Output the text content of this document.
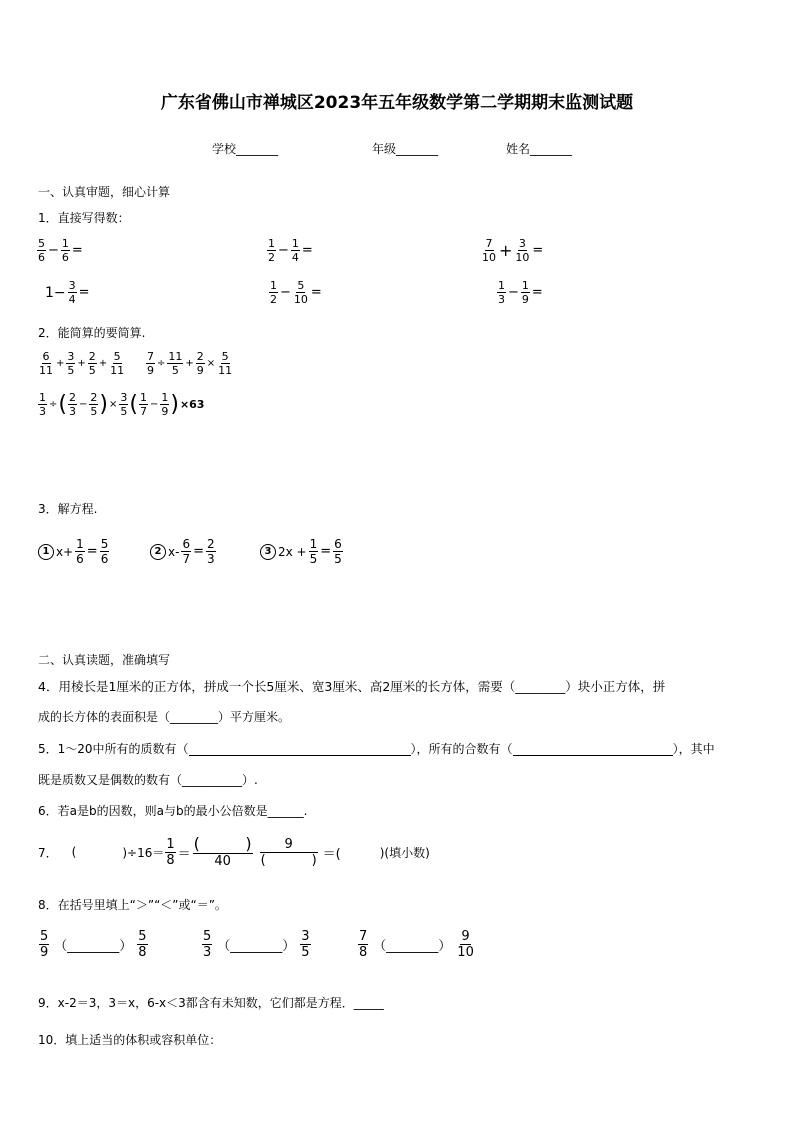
广东省佛山市禅城区2023年五年级数学第二学期期末监测试题
学校_______	年级_______	姓名_______
一、认真审题，细心计算
1．直接写得数：
$\frac{5}{6} - \frac{1}{6}$ =	$\frac{1}{2} - \frac{1}{4}$ =	$\frac{7}{10} + \frac{3}{10}$ =
$1- \frac{3}{4}$ =	$\frac{1}{2} - \frac{5}{10}$ =	$\frac{1}{3} - \frac{1}{9}$ =
2．能简算的要简算.
$\frac{6}{11} + \frac{3}{5} + \frac{2}{5} + \frac{5}{11} \frac{7}{9} \div \frac{11}{5} + \frac{2}{9} \times \frac{5}{11}$
$\frac{1}{3}$ ÷ ( $\frac{2}{3} - \frac{2}{5}$ ) × $\frac{3}{5}$ ( $\frac{1}{7} - \frac{1}{9}$ ) ×63
3．解方程.
1 $x+ \frac{1}{6} = \frac{5}{6}$	2 $x- \frac{6}{7} = \frac{2}{3}$	3 $2x + \frac{1}{5} = \frac{6}{5}$
二、认真读题，准确填写
4．用棱长是1厘米的正方体，拼成一个长5厘米、宽3厘米、高2厘米的长方体，需要（________）块小正方体，拼
成的长方体的表面积是（________）平方厘米。
5．1～20中所有的质数有（	），所有的合数有（	），其中
既是质数又是偶数的数有（__________）.
6．若a是b的因数，则a与b的最小公倍数是______.
7． (	)$\div 16= \frac{1}{8}$ ＝ (	)
40 9
(	) ＝(	)(填小数)
8．在括号里填上“＞”“＜”或“＝”。
$\frac{5}{9}$ （________） $\frac{5}{8}$	$\frac{5}{3}$ （________） $\frac{3}{5}$	$\frac{7}{8}$ （________） $\frac{9}{10}$
9．x-2＝3，3＝x，6-x＜3都含有未知数，它们都是方程．_____
10．填上适当的体积或容积单位：
